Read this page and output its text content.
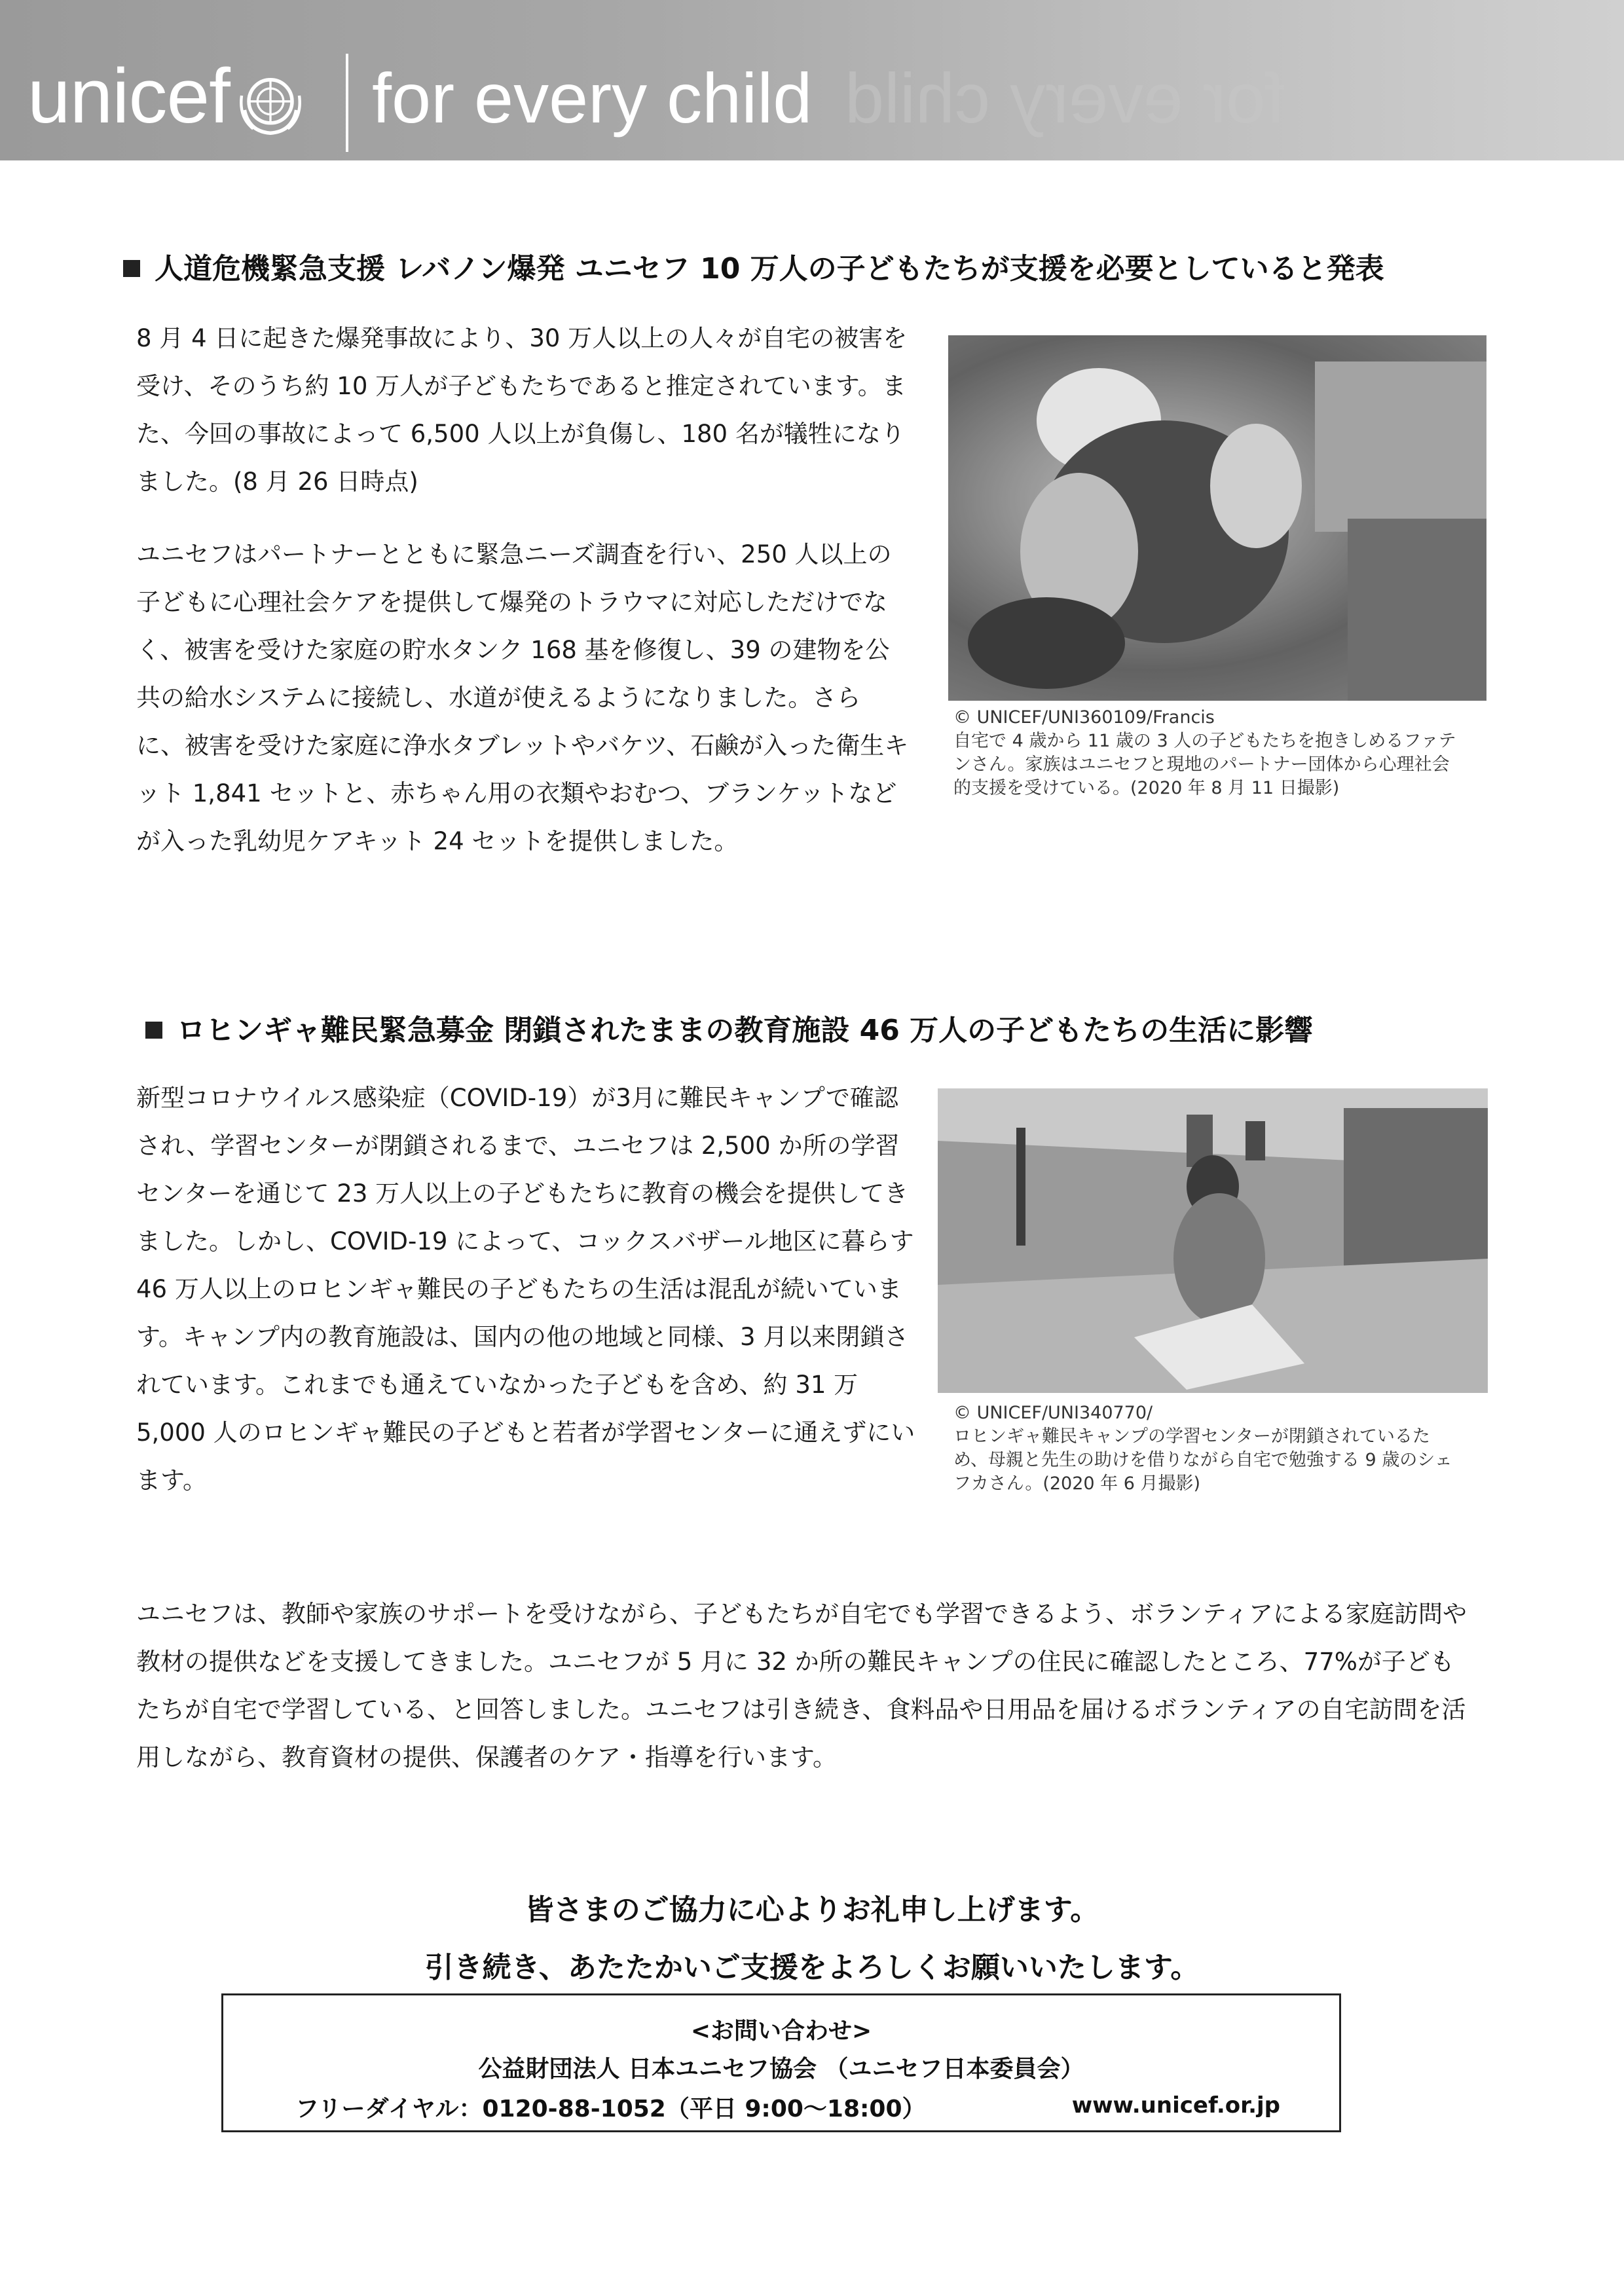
for every child
unicef for every child
人道危機緊急支援 レバノン爆発 ユニセフ 10 万人の子どもたちが支援を必要としていると発表
8 月 4 日に起きた爆発事故により、30 万人以上の人々が自宅の被害を受け、そのうち約 10 万人が子どもたちであると推定されています。また、今回の事故によって 6,500 人以上が負傷し、180 名が犠牲になりました。(8 月 26 日時点)
ユニセフはパートナーとともに緊急ニーズ調査を行い、250 人以上の子どもに心理社会ケアを提供して爆発のトラウマに対応しただけでなく、被害を受けた家庭の貯水タンク 168 基を修復し、39 の建物を公共の給水システムに接続し、水道が使えるようになりました。さらに、被害を受けた家庭に浄水タブレットやバケツ、石鹸が入った衛生キット 1,841 セットと、赤ちゃん用の衣類やおむつ、ブランケットなどが入った乳幼児ケアキット 24 セットを提供しました。
© UNICEF/UNI360109/Francis
自宅で 4 歳から 11 歳の 3 人の子どもたちを抱きしめるファテンさん。家族はユニセフと現地のパートナー団体から心理社会的支援を受けている。(2020 年 8 月 11 日撮影)
ロヒンギャ難民緊急募金 閉鎖されたままの教育施設 46 万人の子どもたちの生活に影響
新型コロナウイルス感染症（COVID-19）が3月に難民キャンプで確認され、学習センターが閉鎖されるまで、ユニセフは 2,500 か所の学習センターを通じて 23 万人以上の子どもたちに教育の機会を提供してきました。しかし、COVID-19 によって、コックスバザール地区に暮らす 46 万人以上のロヒンギャ難民の子どもたちの生活は混乱が続いています。キャンプ内の教育施設は、国内の他の地域と同様、3 月以来閉鎖されています。これまでも通えていなかった子どもを含め、約 31 万 5,000 人のロヒンギャ難民の子どもと若者が学習センターに通えずにいます。
© UNICEF/UNI340770/
ロヒンギャ難民キャンプの学習センターが閉鎖されているため、母親と先生の助けを借りながら自宅で勉強する 9 歳のシェフカさん。(2020 年 6 月撮影)
ユニセフは、教師や家族のサポートを受けながら、子どもたちが自宅でも学習できるよう、ボランティアによる家庭訪問や教材の提供などを支援してきました。ユニセフが 5 月に 32 か所の難民キャンプの住民に確認したところ、77%が子どもたちが自宅で学習している、と回答しました。ユニセフは引き続き、食料品や日用品を届けるボランティアの自宅訪問を活用しながら、教育資材の提供、保護者のケア・指導を行います。
皆さまのご協力に心よりお礼申し上げます。
引き続き、あたたかいご支援をよろしくお願いいたします。
<お問い合わせ>
公益財団法人 日本ユニセフ協会 （ユニセフ日本委員会）
フリーダイヤル：0120-88-1052（平日 9:00～18:00）	www.unicef.or.jp
